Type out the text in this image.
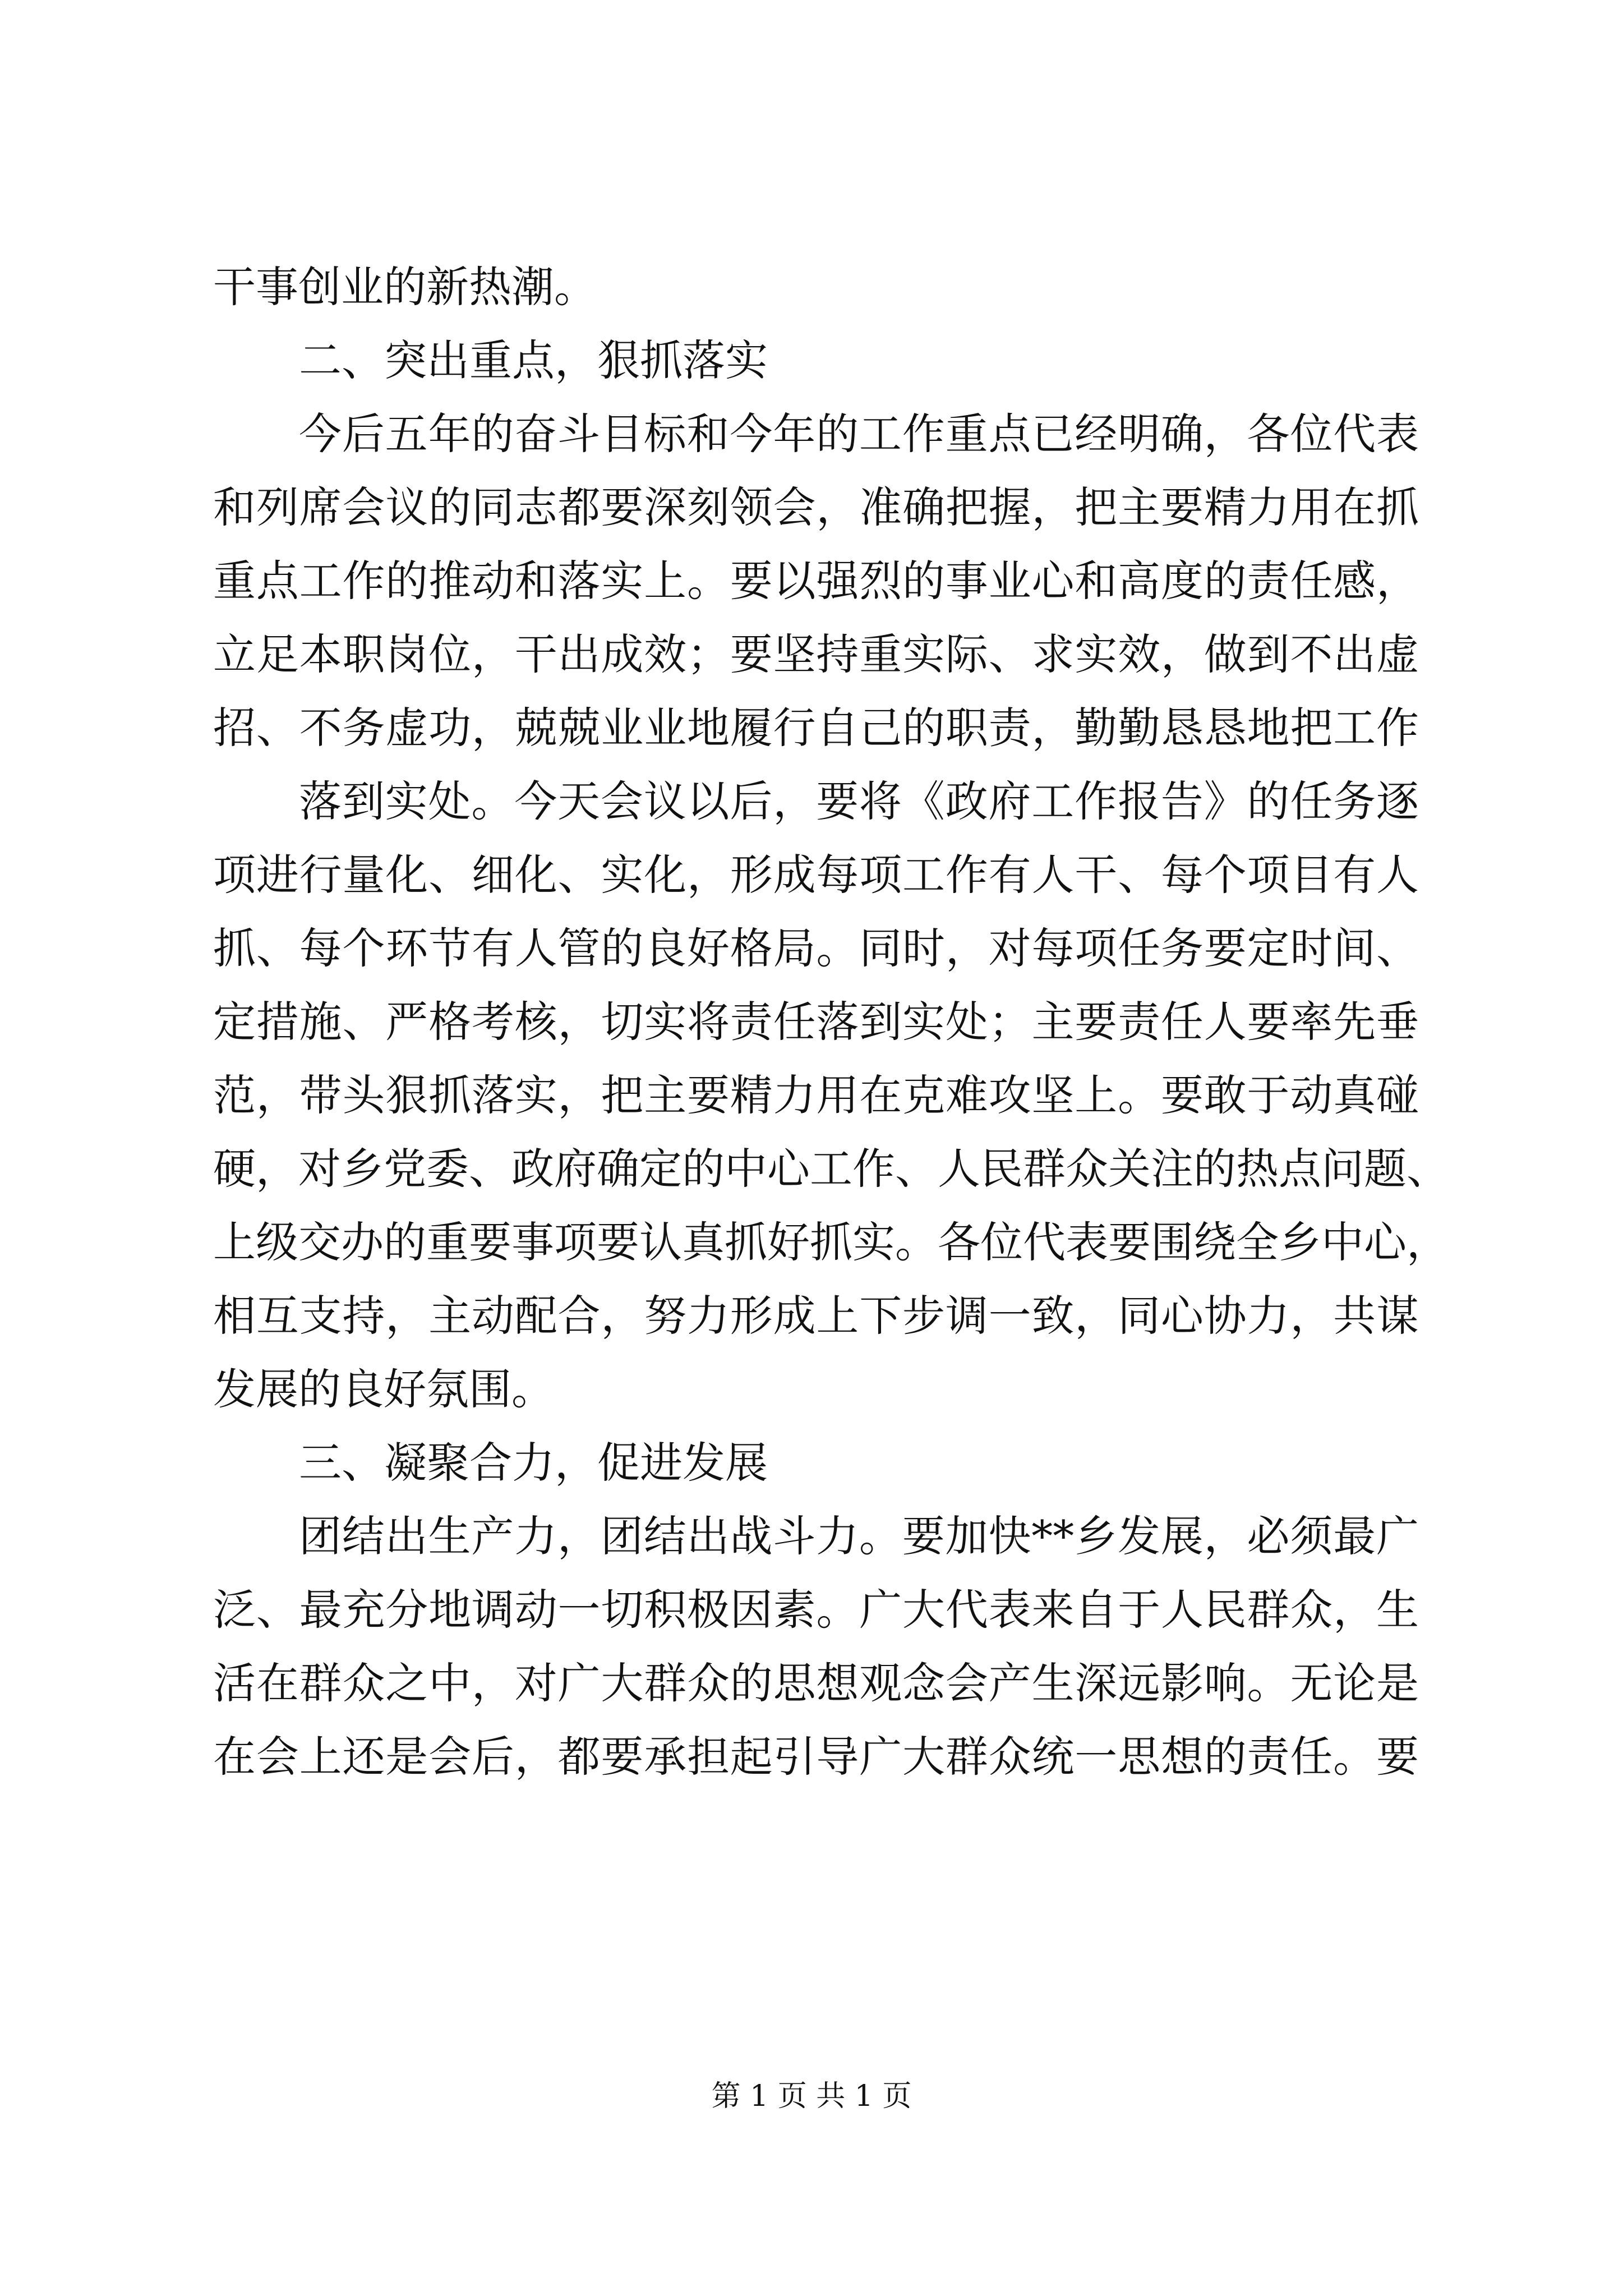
干事创业的新热潮。
二、突出重点，狠抓落实
今后五年的奋斗目标和今年的工作重点已经明确，各位代表
和列席会议的同志都要深刻领会，准确把握，把主要精力用在抓
重点工作的推动和落实上。要以强烈的事业心和高度的责任感，
立足本职岗位，干出成效；要坚持重实际、求实效，做到不出虚
招、不务虚功，兢兢业业地履行自己的职责，勤勤恳恳地把工作
落到实处。今天会议以后，要将《政府工作报告》的任务逐
项进行量化、细化、实化，形成每项工作有人干、每个项目有人
抓、每个环节有人管的良好格局。同时，对每项任务要定时间、
定措施、严格考核，切实将责任落到实处；主要责任人要率先垂
范，带头狠抓落实，把主要精力用在克难攻坚上。要敢于动真碰
硬，对乡党委、政府确定的中心工作、人民群众关注的热点问题、
上级交办的重要事项要认真抓好抓实。各位代表要围绕全乡中心，
相互支持，主动配合，努力形成上下步调一致，同心协力，共谋
发展的良好氛围。
三、凝聚合力，促进发展
团结出生产力，团结出战斗力。要加快**乡发展，必须最广
泛、最充分地调动一切积极因素。广大代表来自于人民群众，生
活在群众之中，对广大群众的思想观念会产生深远影响。无论是
在会上还是会后，都要承担起引导广大群众统一思想的责任。要
第 1 页 共 1 页
